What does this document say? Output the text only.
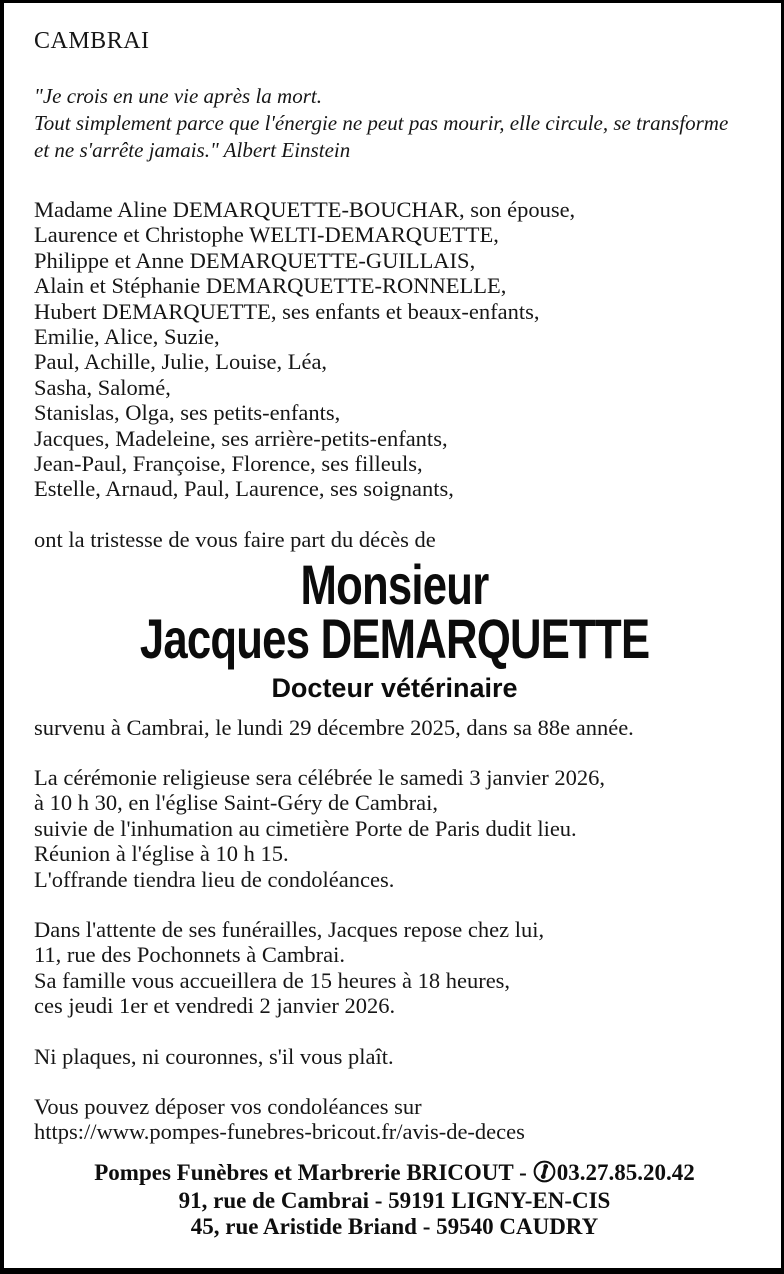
CAMBRAI
"Je crois en une vie après la mort.
Tout simplement parce que l'énergie ne peut pas mourir, elle circule, se transforme
et ne s'arrête jamais." Albert Einstein
Madame Aline DEMARQUETTE-BOUCHAR, son épouse,
Laurence et Christophe WELTI-DEMARQUETTE,
Philippe et Anne DEMARQUETTE-GUILLAIS,
Alain et Stéphanie DEMARQUETTE-RONNELLE,
Hubert DEMARQUETTE, ses enfants et beaux-enfants,
Emilie, Alice, Suzie,
Paul, Achille, Julie, Louise, Léa,
Sasha, Salomé,
Stanislas, Olga, ses petits-enfants,
Jacques, Madeleine, ses arrière-petits-enfants,
Jean-Paul, Françoise, Florence, ses filleuls,
Estelle, Arnaud, Paul, Laurence, ses soignants,
ont la tristesse de vous faire part du décès de
Monsieur
Jacques DEMARQUETTE
Docteur vétérinaire
survenu à Cambrai, le lundi 29 décembre 2025, dans sa 88e année.
La cérémonie religieuse sera célébrée le samedi 3 janvier 2026,
à 10 h 30, en l'église Saint-Géry de Cambrai,
suivie de l'inhumation au cimetière Porte de Paris dudit lieu.
Réunion à l'église à 10 h 15.
L'offrande tiendra lieu de condoléances.
Dans l'attente de ses funérailles, Jacques repose chez lui,
11, rue des Pochonnets à Cambrai.
Sa famille vous accueillera de 15 heures à 18 heures,
ces jeudi 1er et vendredi 2 janvier 2026.
Ni plaques, ni couronnes, s'il vous plaît.
Vous pouvez déposer vos condoléances sur
https://www.pompes-funebres-bricout.fr/avis-de-deces
Pompes Funèbres et Marbrerie BRICOUT - 03.27.85.20.42
91, rue de Cambrai - 59191 LIGNY-EN-CIS
45, rue Aristide Briand - 59540 CAUDRY
